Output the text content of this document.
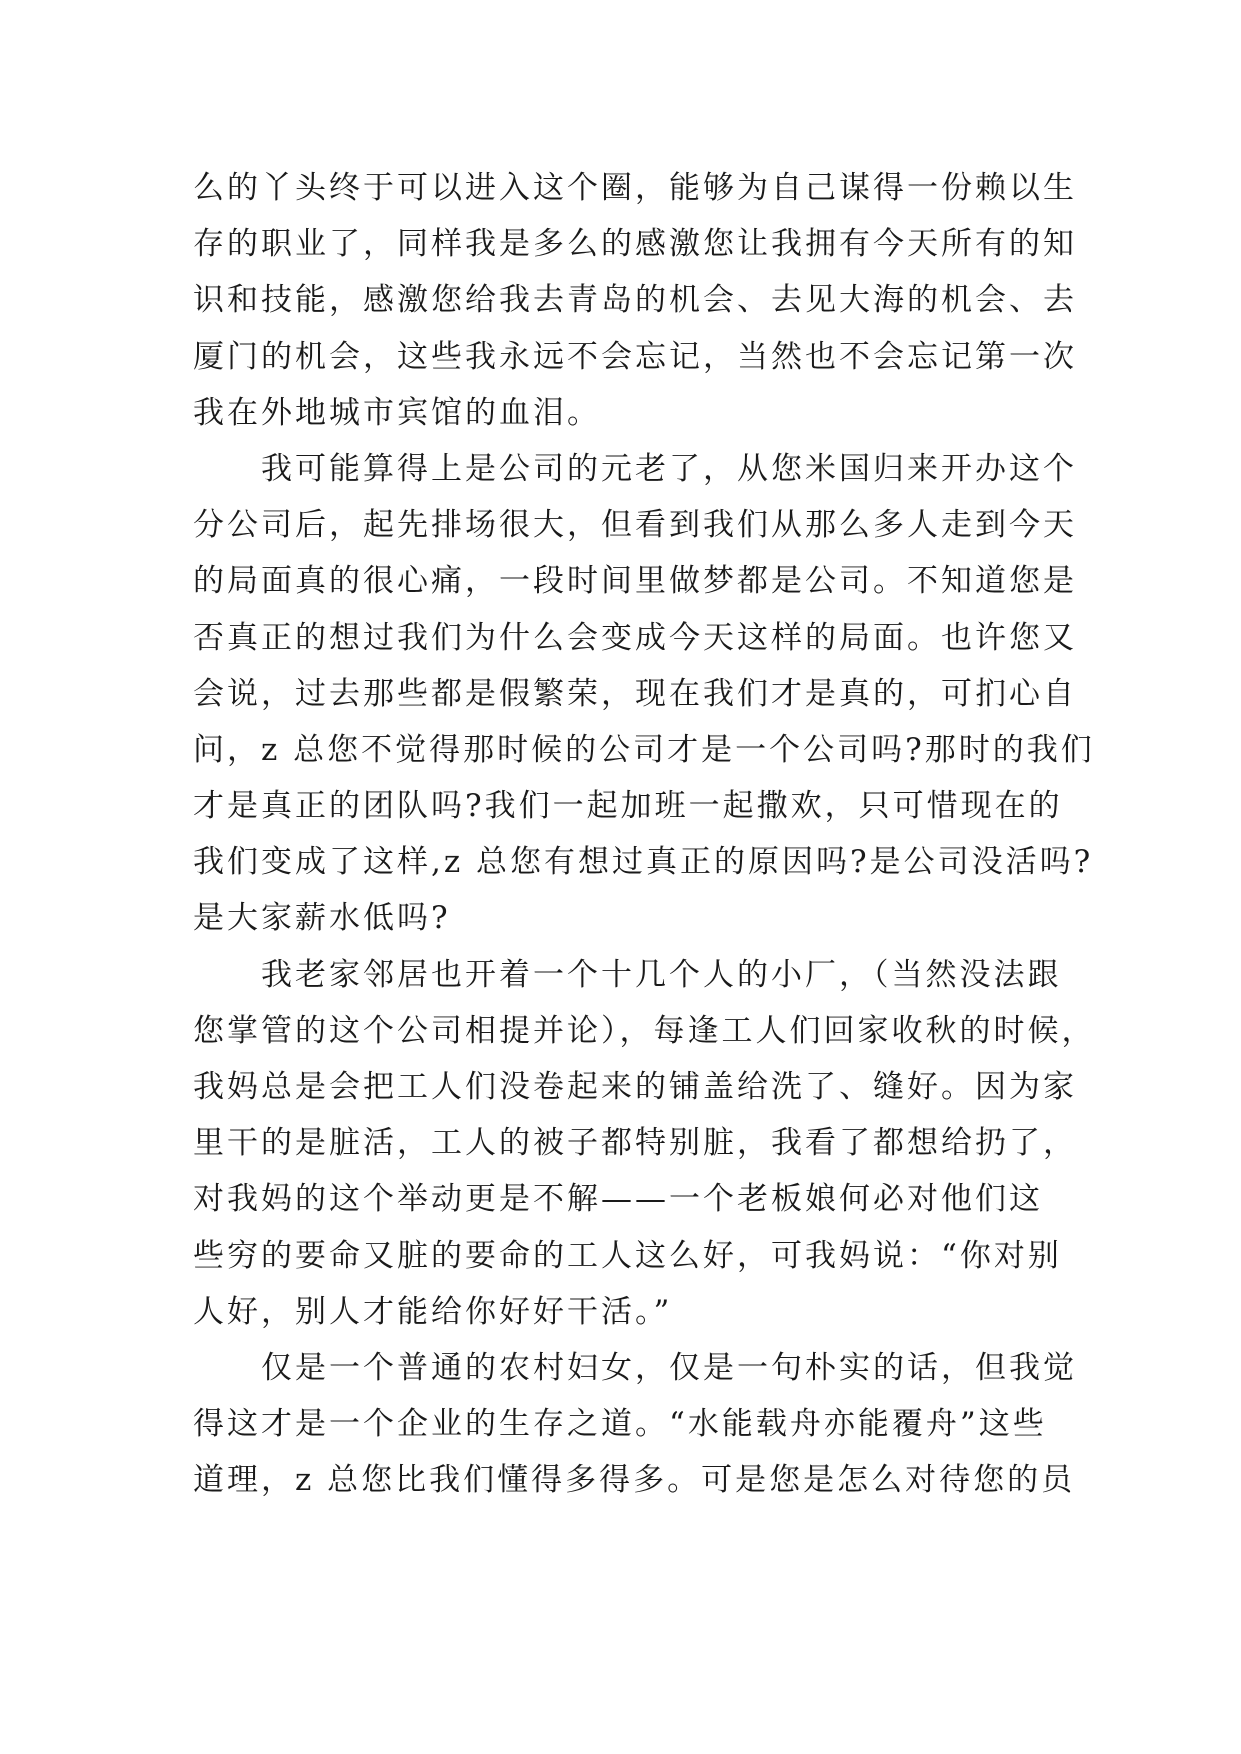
么的丫头终于可以进入这个圈，能够为自己谋得一份赖以生
存的职业了，同样我是多么的感激您让我拥有今天所有的知
识和技能，感激您给我去青岛的机会、去见大海的机会、去
厦门的机会，这些我永远不会忘记，当然也不会忘记第一次
我在外地城市宾馆的血泪。
我可能算得上是公司的元老了，从您米国归来开办这个
分公司后，起先排场很大，但看到我们从那么多人走到今天
的局面真的很心痛，一段时间里做梦都是公司。不知道您是
否真正的想过我们为什么会变成今天这样的局面。也许您又
会说，过去那些都是假繁荣，现在我们才是真的，可扪心自
问，z 总您不觉得那时候的公司才是一个公司吗?那时的我们
才是真正的团队吗?我们一起加班一起撒欢，只可惜现在的
我们变成了这样,z 总您有想过真正的原因吗?是公司没活吗?
是大家薪水低吗?
我老家邻居也开着一个十几个人的小厂，（当然没法跟
您掌管的这个公司相提并论），每逢工人们回家收秋的时候，
我妈总是会把工人们没卷起来的铺盖给洗了、缝好。因为家
里干的是脏活，工人的被子都特别脏，我看了都想给扔了，
对我妈的这个举动更是不解——一个老板娘何必对他们这
些穷的要命又脏的要命的工人这么好，可我妈说：“你对别
人好，别人才能给你好好干活。”
仅是一个普通的农村妇女，仅是一句朴实的话，但我觉
得这才是一个企业的生存之道。“水能载舟亦能覆舟”这些
道理，z 总您比我们懂得多得多。可是您是怎么对待您的员
